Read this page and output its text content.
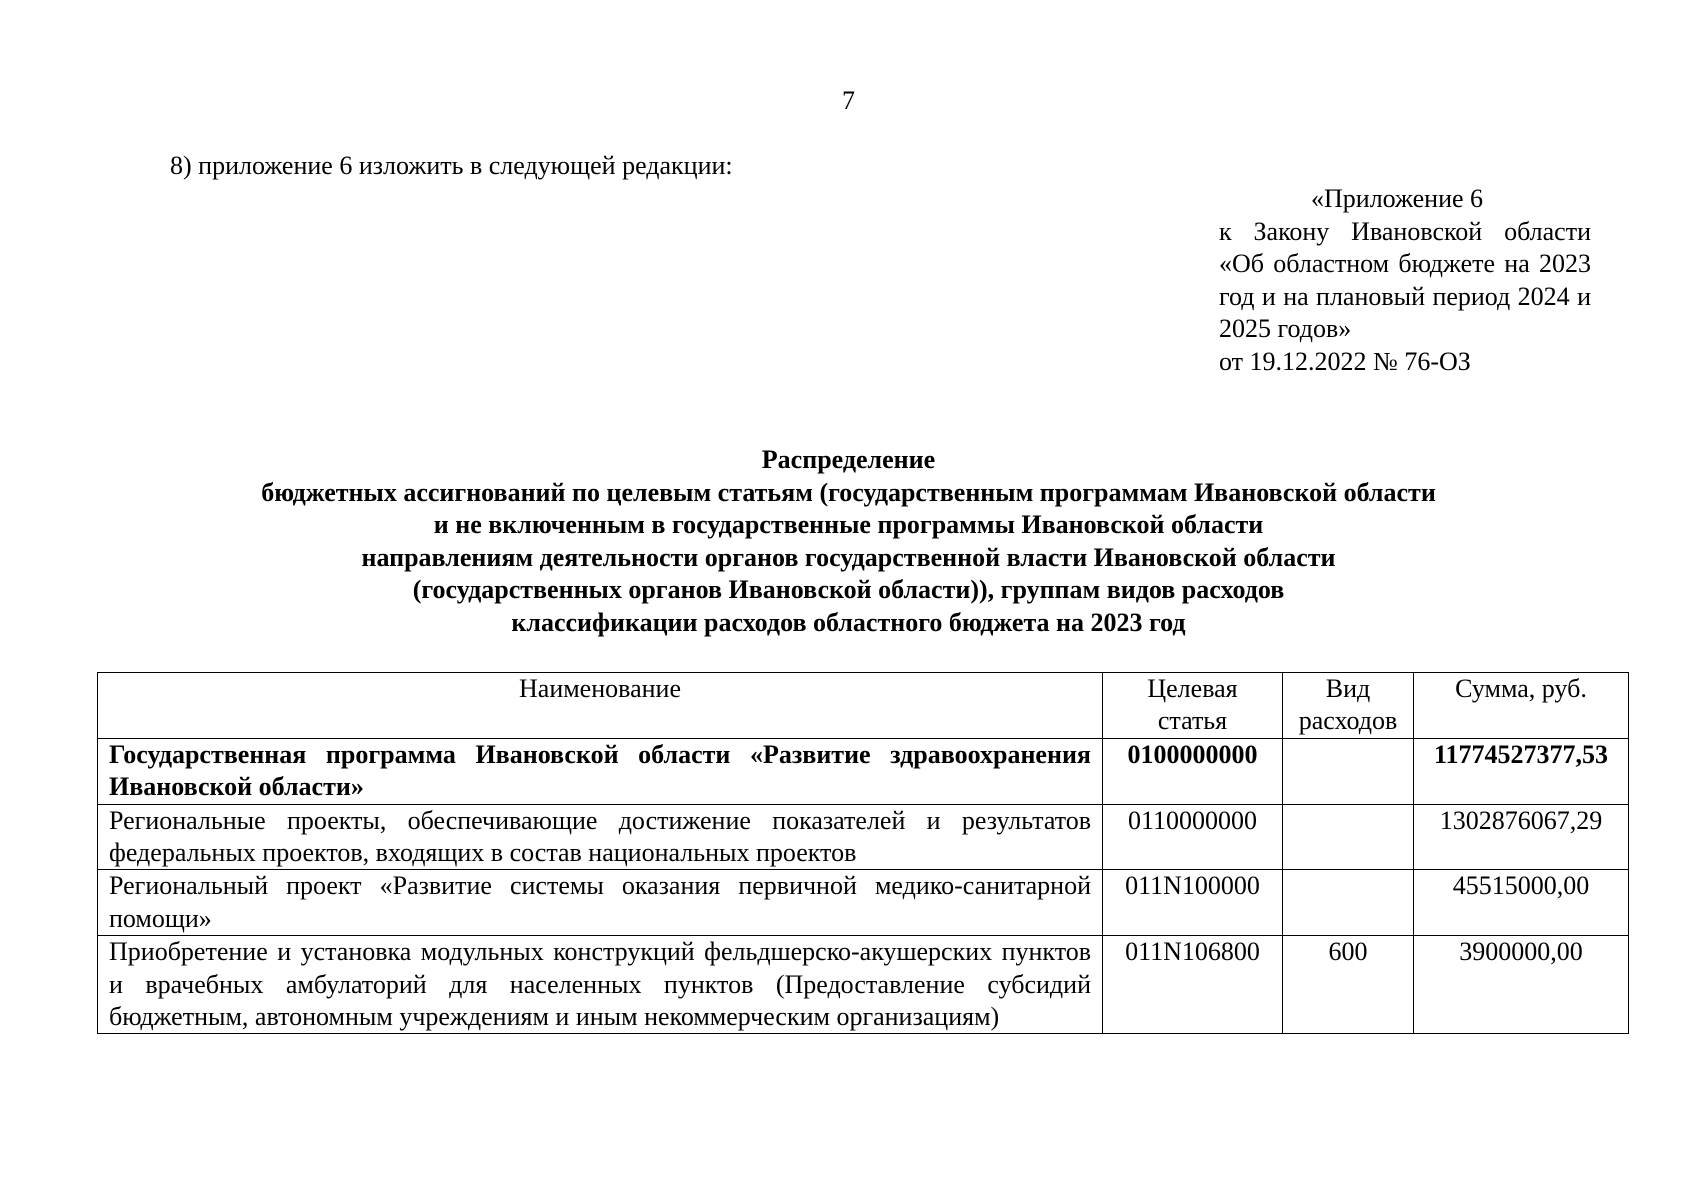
7
8) приложение 6 изложить в следующей редакции:
«Приложение 6
к Закону Ивановской области «Об областном бюджете на 2023 год и на плановый период 2024 и 2025 годов»
от 19.12.2022 № 76-ОЗ
Распределение
бюджетных ассигнований по целевым статьям (государственным программам Ивановской области
и не включенным в государственные программы Ивановской области
направлениям деятельности органов государственной власти Ивановской области
(государственных органов Ивановской области)), группам видов расходов
классификации расходов областного бюджета на 2023 год
Наименование	Целевая статья	Вид расходов	Сумма, руб.
Государственная программа Ивановской области «Развитие здравоохранения Ивановской области»	0100000000		11774527377,53
Региональные проекты, обеспечивающие достижение показателей и результатов федеральных проектов, входящих в состав национальных проектов	0110000000		1302876067,29
Региональный проект «Развитие системы оказания первичной медико-санитарной помощи»	011N100000		45515000,00
Приобретение и установка модульных конструкций фельдшерско-акушерских пунктов и врачебных амбулаторий для населенных пунктов (Предоставление субсидий бюджетным, автономным учреждениям и иным некоммерческим организациям)	011N106800	600	3900000,00
